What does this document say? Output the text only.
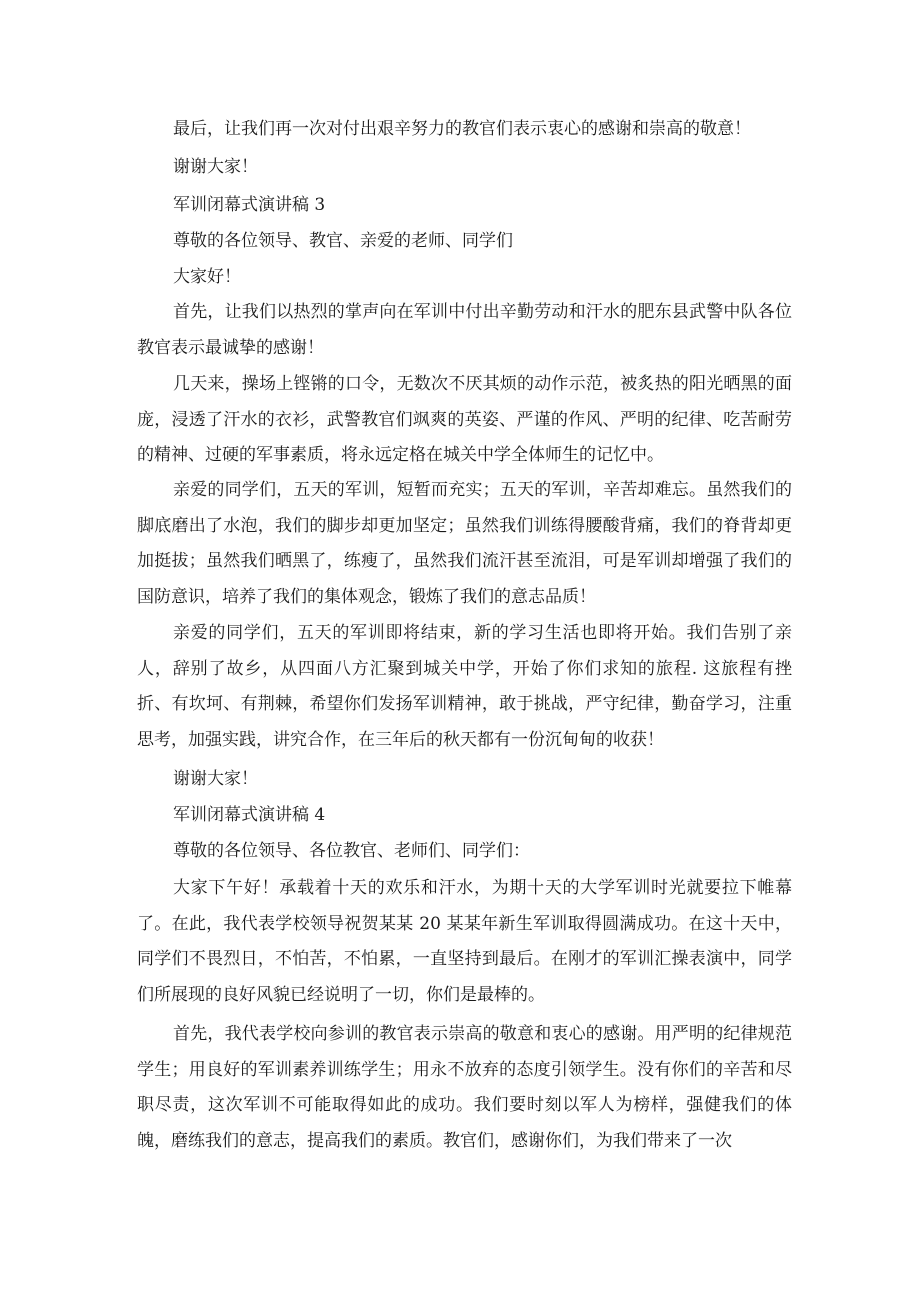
最后，让我们再一次对付出艰辛努力的教官们表示衷心的感谢和崇高的敬意！

谢谢大家！

军训闭幕式演讲稿 3

尊敬的各位领导、教官、亲爱的老师、同学们

大家好！

首先，让我们以热烈的掌声向在军训中付出辛勤劳动和汗水的肥东县武警中队各位教官表示最诚挚的感谢！

几天来，操场上铿锵的口令，无数次不厌其烦的动作示范，被炙热的阳光晒黑的面庞，浸透了汗水的衣衫，武警教官们飒爽的英姿、严谨的作风、严明的纪律、吃苦耐劳的精神、过硬的军事素质，将永远定格在城关中学全体师生的记忆中。

亲爱的同学们，五天的军训，短暂而充实；五天的军训，辛苦却难忘。虽然我们的脚底磨出了水泡，我们的脚步却更加坚定；虽然我们训练得腰酸背痛，我们的脊背却更加挺拔；虽然我们晒黑了，练瘦了，虽然我们流汗甚至流泪，可是军训却增强了我们的国防意识，培养了我们的集体观念，锻炼了我们的意志品质！

亲爱的同学们，五天的军训即将结束，新的学习生活也即将开始。我们告别了亲人，辞别了故乡，从四面八方汇聚到城关中学，开始了你们求知的旅程. 这旅程有挫折、有坎坷、有荆棘，希望你们发扬军训精神，敢于挑战，严守纪律，勤奋学习，注重思考，加强实践，讲究合作，在三年后的秋天都有一份沉甸甸的收获！

谢谢大家！

军训闭幕式演讲稿 4

尊敬的各位领导、各位教官、老师们、同学们：

大家下午好！承载着十天的欢乐和汗水，为期十天的大学军训时光就要拉下帷幕了。在此，我代表学校领导祝贺某某 20 某某年新生军训取得圆满成功。在这十天中，同学们不畏烈日，不怕苦，不怕累，一直坚持到最后。在刚才的军训汇操表演中，同学们所展现的良好风貌已经说明了一切，你们是最棒的。

首先，我代表学校向参训的教官表示崇高的敬意和衷心的感谢。用严明的纪律规范学生；用良好的军训素养训练学生；用永不放弃的态度引领学生。没有你们的辛苦和尽职尽责，这次军训不可能取得如此的成功。我们要时刻以军人为榜样，强健我们的体魄，磨练我们的意志，提高我们的素质。教官们，感谢你们，为我们带来了一次
